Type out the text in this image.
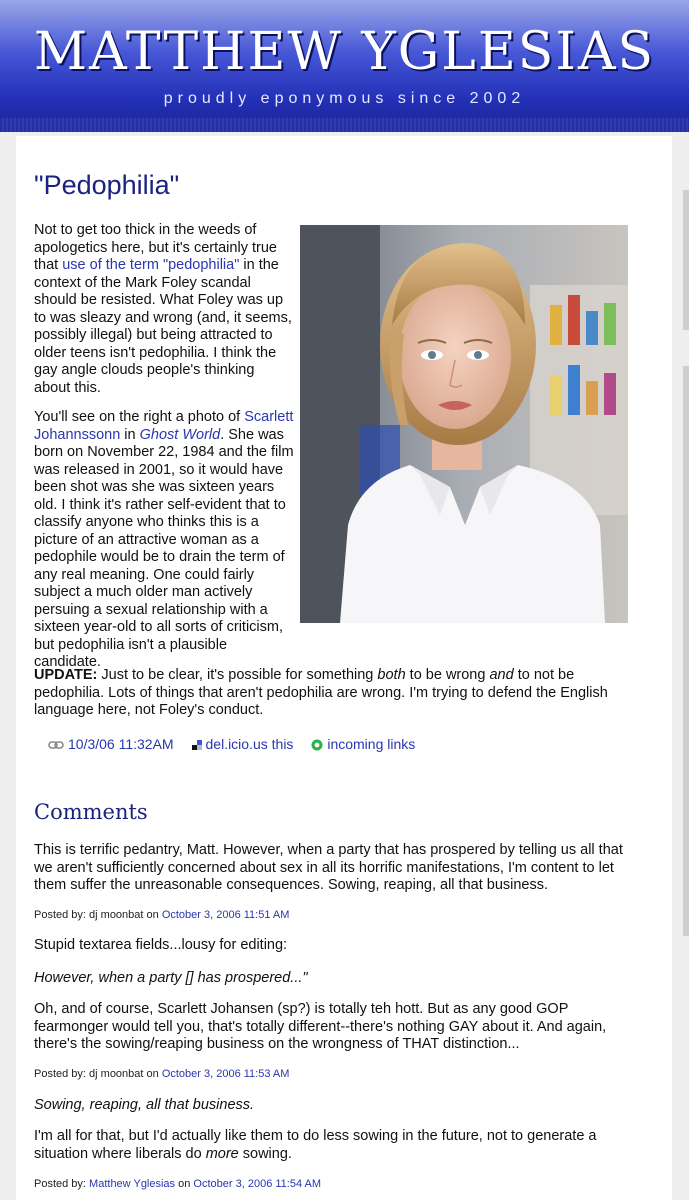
MATTHEW YGLESIAS
proudly eponymous since 2002
"Pedophilia"
Not to get too thick in the weeds of apologetics here, but it's certainly true that use of the term "pedophilia" in the context of the Mark Foley scandal should be resisted. What Foley was up to was sleazy and wrong (and, it seems, possibly illegal) but being attracted to older teens isn't pedophilia. I think the gay angle clouds people's thinking about this.
You'll see on the right a photo of Scarlett Johannssonn in Ghost World. She was born on November 22, 1984 and the film was released in 2001, so it would have been shot was she was sixteen years old. I think it's rather self-evident that to classify anyone who thinks this is a picture of an attractive woman as a pedophile would be to drain the term of any real meaning. One could fairly subject a much older man actively persuing a sexual relationship with a sixteen year-old to all sorts of criticism, but pedophilia isn't a plausible candidate.
UPDATE: Just to be clear, it's possible for something both to be wrong and to not be pedophilia. Lots of things that aren't pedophilia are wrong. I'm trying to defend the English language here, not Foley's conduct.
10/3/06 11:32AM del.icio.us this incoming links
Comments

This is terrific pedantry, Matt. However, when a party that has prospered by telling us all that we aren't sufficiently concerned about sex in all its horrific manifestations, I'm content to let them suffer the unreasonable consequences. Sowing, reaping, all that business.

Posted by: dj moonbat on October 3, 2006 11:51 AM

Stupid textarea fields...lousy for editing:

However, when a party [] has prospered..."

Oh, and of course, Scarlett Johansen (sp?) is totally teh hott. But as any good GOP fearmonger would tell you, that's totally different--there's nothing GAY about it. And again, there's the sowing/reaping business on the wrongness of THAT distinction...

Posted by: dj moonbat on October 3, 2006 11:53 AM

Sowing, reaping, all that business.

I'm all for that, but I'd actually like them to do less sowing in the future, not to generate a situation where liberals do more sowing.
Posted by: Matthew Yglesias on October 3, 2006 11:54 AM
